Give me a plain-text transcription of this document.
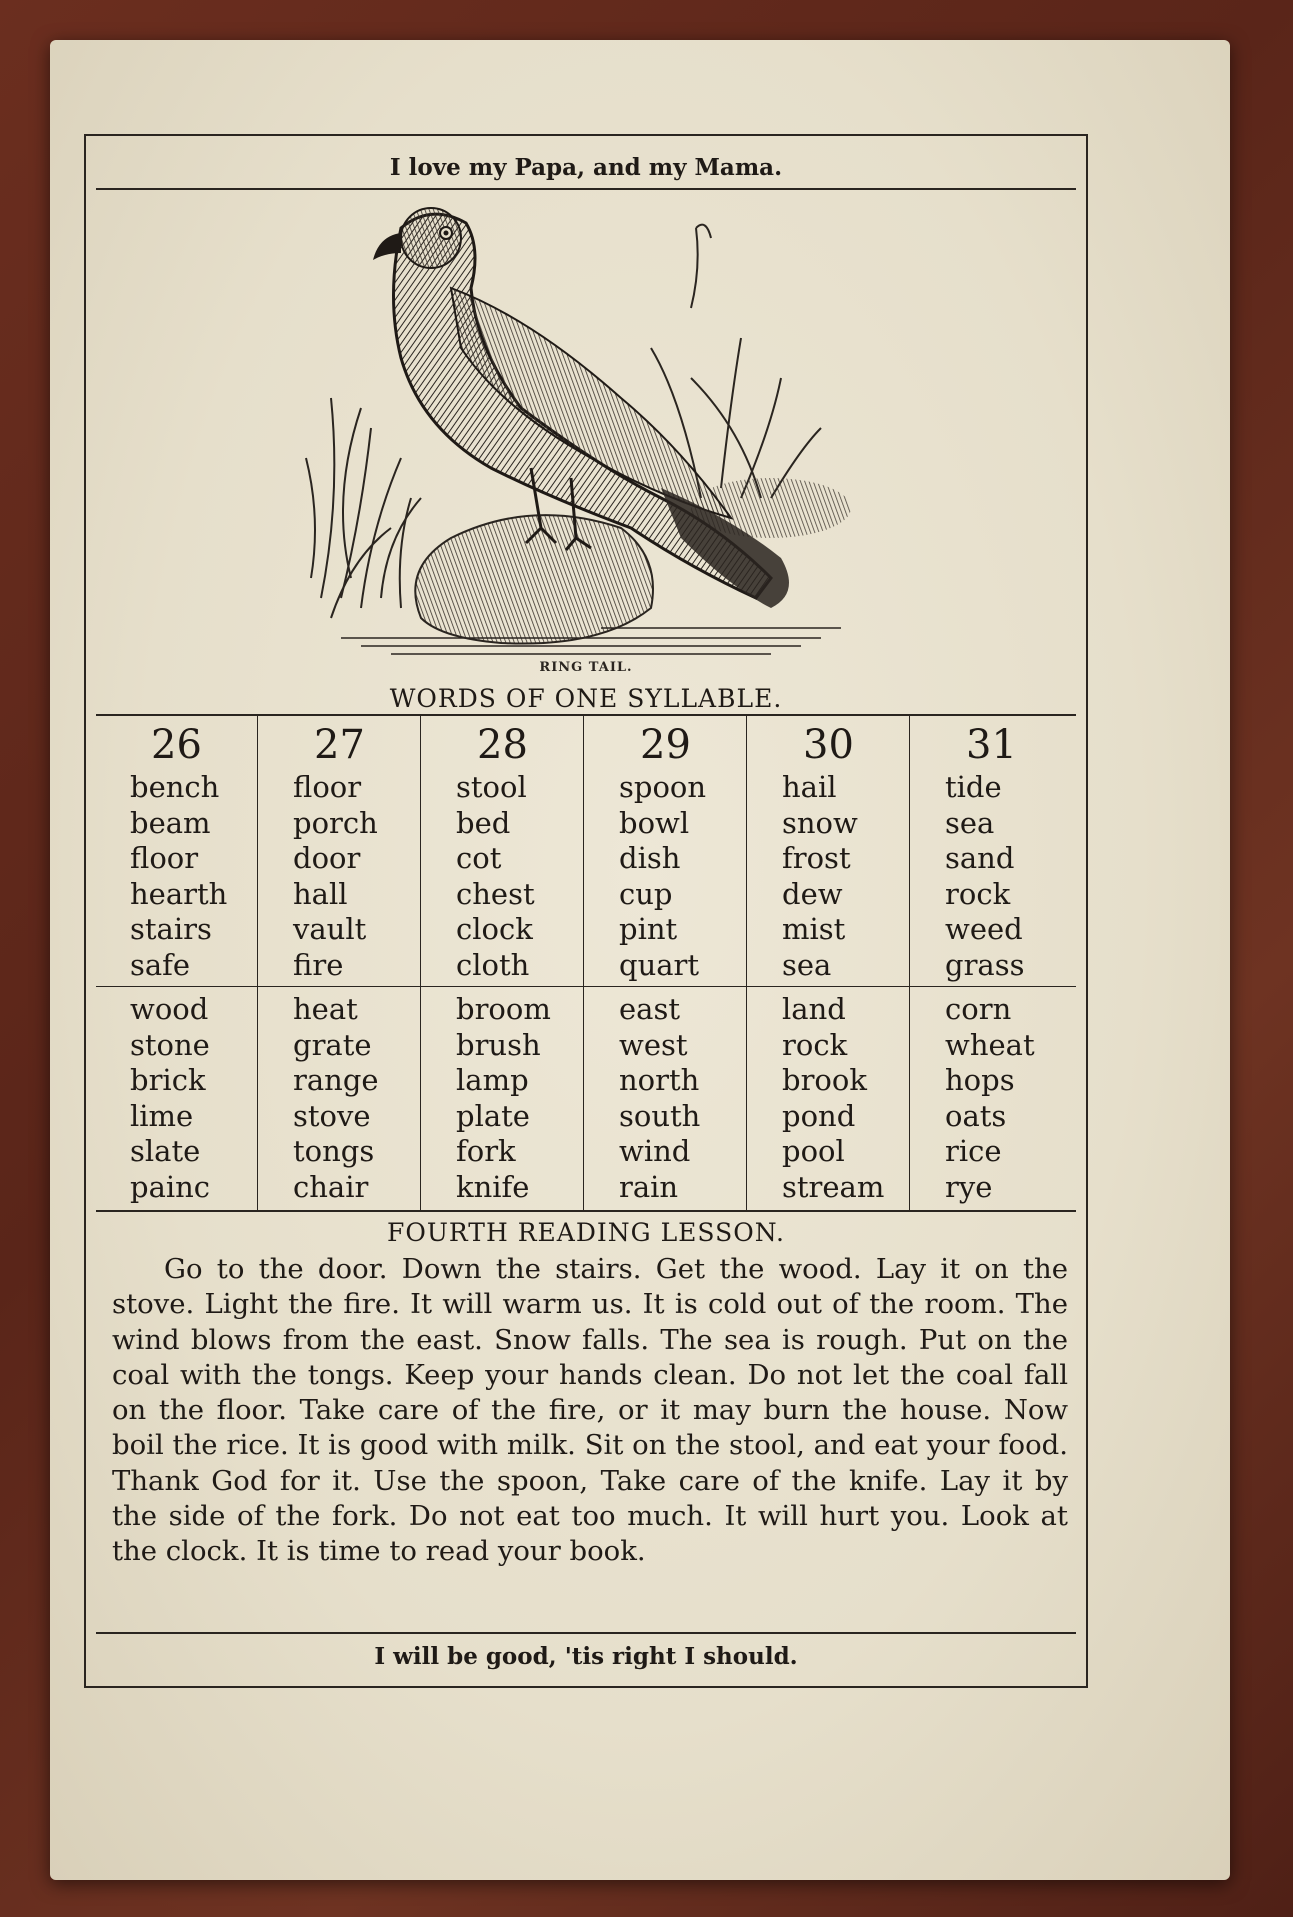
I love my Papa, and my Mama.
RING TAIL.
WORDS OF ONE SYLLABLE.
26
bench
beam
floor
hearth
stairs
safe
wood
stone
brick
lime
slate
painc
27
floor
porch
door
hall
vault
fire
heat
grate
range
stove
tongs
chair
28
stool
bed
cot
chest
clock
cloth
broom
brush
lamp
plate
fork
knife
29
spoon
bowl
dish
cup
pint
quart
east
west
north
south
wind
rain
30
hail
snow
frost
dew
mist
sea
land
rock
brook
pond
pool
stream
31
tide
sea
sand
rock
weed
grass
corn
wheat
hops
oats
rice
rye
FOURTH READING LESSON.
Go to the door. Down the stairs. Get the wood. Lay it on the stove. Light the fire. It will warm us. It is cold out of the room. The wind blows from the east. Snow falls. The sea is rough. Put on the coal with the tongs. Keep your hands clean. Do not let the coal fall on the floor. Take care of the fire, or it may burn the house. Now boil the rice. It is good with milk. Sit on the stool, and eat your food. Thank God for it. Use the spoon, Take care of the knife. Lay it by the side of the fork. Do not eat too much. It will hurt you. Look at the clock. It is time to read your book.
I will be good, 'tis right I should.
